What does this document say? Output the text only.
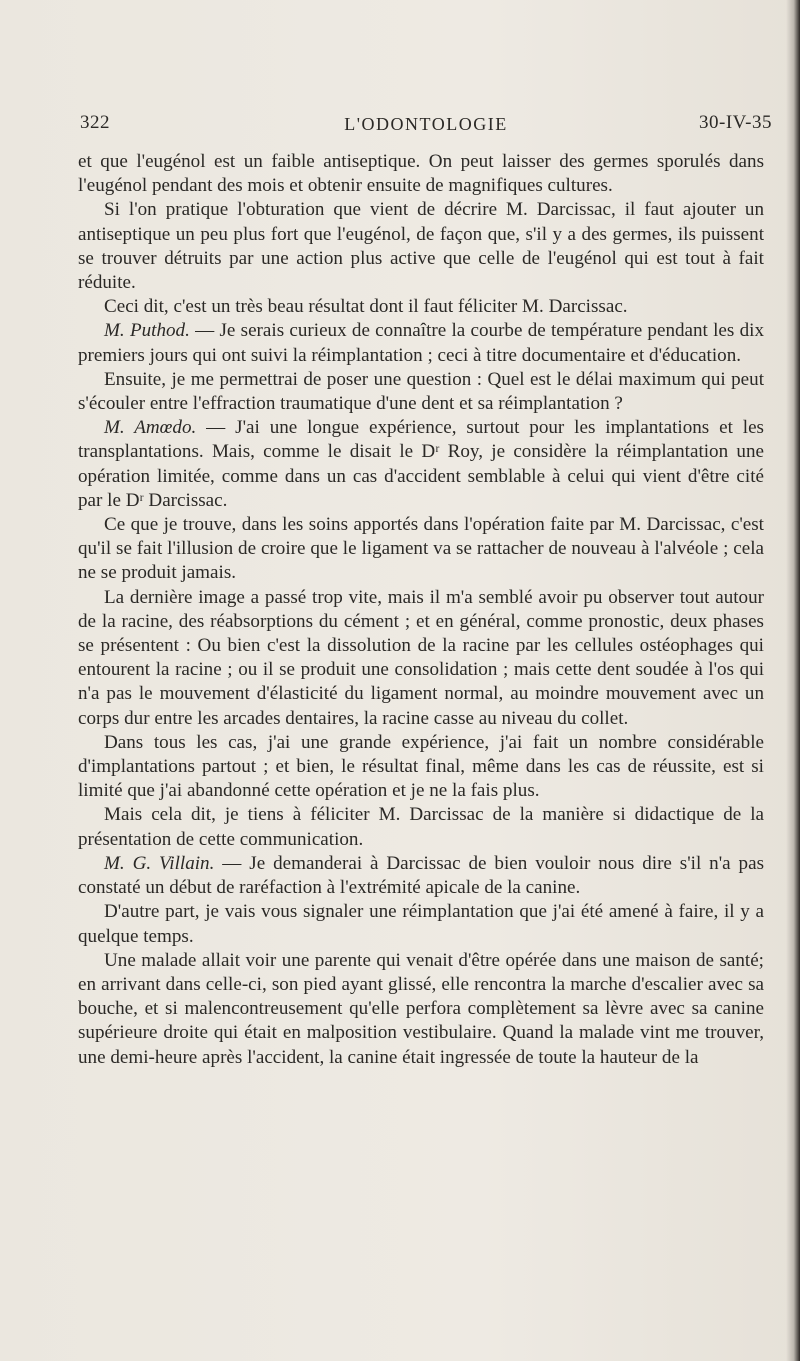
322	L'ODONTOLOGIE	30-IV-35

et que l'eugénol est un faible antiseptique. On peut laisser des germes sporulés dans l'eugénol pendant des mois et obtenir ensuite de magnifiques cultures.

Si l'on pratique l'obturation que vient de décrire M. Darcissac, il faut ajouter un antiseptique un peu plus fort que l'eugénol, de façon que, s'il y a des germes, ils puissent se trouver détruits par une action plus active que celle de l'eugénol qui est tout à fait réduite.

Ceci dit, c'est un très beau résultat dont il faut féliciter M. Darcissac.

M. Puthod. — Je serais curieux de connaître la courbe de température pendant les dix premiers jours qui ont suivi la réimplantation ; ceci à titre documentaire et d'éducation.

Ensuite, je me permettrai de poser une question : Quel est le délai maximum qui peut s'écouler entre l'effraction traumatique d'une dent et sa réimplantation ?

M. Amœdo. — J'ai une longue expérience, surtout pour les implantations et les transplantations. Mais, comme le disait le Dʳ Roy, je considère la réimplantation une opération limitée, comme dans un cas d'accident semblable à celui qui vient d'être cité par le Dʳ Darcissac.

Ce que je trouve, dans les soins apportés dans l'opération faite par M. Darcissac, c'est qu'il se fait l'illusion de croire que le ligament va se rattacher de nouveau à l'alvéole ; cela ne se produit jamais.

La dernière image a passé trop vite, mais il m'a semblé avoir pu observer tout autour de la racine, des réabsorptions du cément ; et en général, comme pronostic, deux phases se présentent : Ou bien c'est la dissolution de la racine par les cellules ostéophages qui entourent la racine ; ou il se produit une consolidation ; mais cette dent soudée à l'os qui n'a pas le mouvement d'élasticité du ligament normal, au moindre mouvement avec un corps dur entre les arcades dentaires, la racine casse au niveau du collet.

Dans tous les cas, j'ai une grande expérience, j'ai fait un nombre considérable d'implantations partout ; et bien, le résultat final, même dans les cas de réussite, est si limité que j'ai abandonné cette opération et je ne la fais plus.

Mais cela dit, je tiens à féliciter M. Darcissac de la manière si didactique de la présentation de cette communication.

M. G. Villain. — Je demanderai à Darcissac de bien vouloir nous dire s'il n'a pas constaté un début de raréfaction à l'extrémité apicale de la canine.

D'autre part, je vais vous signaler une réimplantation que j'ai été amené à faire, il y a quelque temps.

Une malade allait voir une parente qui venait d'être opérée dans une maison de santé; en arrivant dans celle-ci, son pied ayant glissé, elle rencontra la marche d'escalier avec sa bouche, et si malencontreusement qu'elle perfora complètement sa lèvre avec sa canine supérieure droite qui était en malposition vestibulaire. Quand la malade vint me trouver, une demi-heure après l'accident, la canine était ingressée de toute la hauteur de la
